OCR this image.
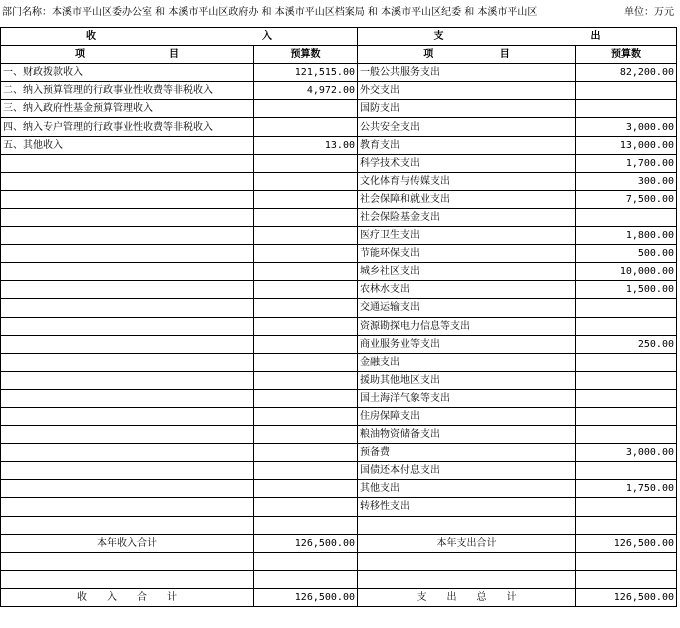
部门名称：本溪市平山区委办公室 和 本溪市平山区政府办 和 本溪市平山区档案局 和 本溪市平山区纪委 和 本溪市平山区	单位：万元
收 入		支 出	

项 目	预算数	项 目	预算数
一、财政拨款收入	121,515.00	一般公共服务支出	82,200.00
二、纳入预算管理的行政事业性收费等非税收入	4,972.00	外交支出	
三、纳入政府性基金预算管理收入		国防支出	
四、纳入专户管理的行政事业性收费等非税收入		公共安全支出	3,000.00
五、其他收入	13.00	教育支出	13,000.00
		科学技术支出	1,700.00
		文化体育与传媒支出	300.00
		社会保障和就业支出	7,500.00
		社会保险基金支出	
		医疗卫生支出	1,800.00
		节能环保支出	500.00
		城乡社区支出	10,000.00
		农林水支出	1,500.00
		交通运输支出	
		资源勘探电力信息等支出	
		商业服务业等支出	250.00
		金融支出	
		援助其他地区支出	
		国土海洋气象等支出	
		住房保障支出	
		粮油物资储备支出	
		预备费	3,000.00
		国债还本付息支出	
		其他支出	1,750.00
		转移性支出	

本年收入合计	126,500.00	本年支出合计	126,500.00

收　　入　　合　　计	126,500.00	支　　出　　总　　计	126,500.00
